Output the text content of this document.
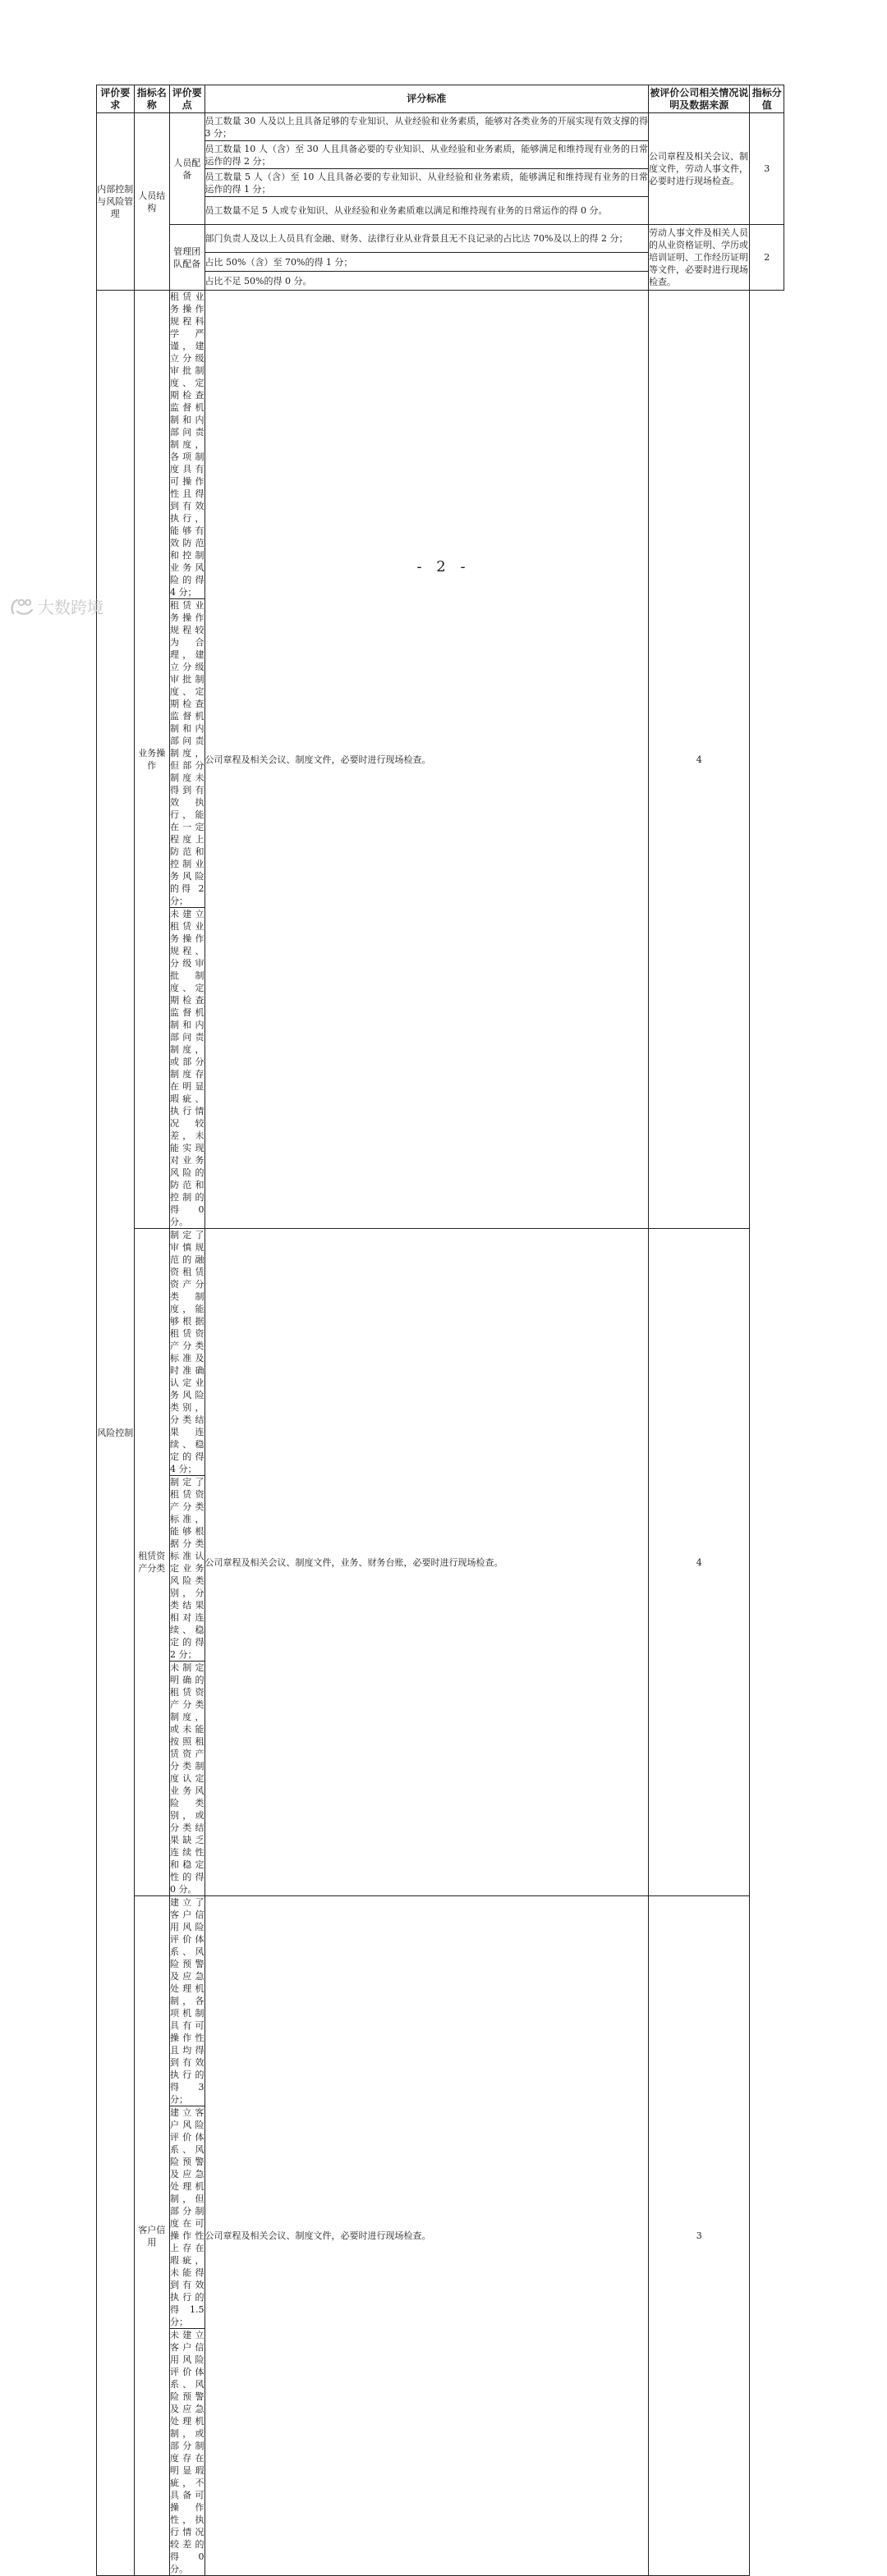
评价要求	指标名称	评价要点	评分标准	被评价公司相关情况说明及数据来源	指标分值
内部控制与风险管理	人员结构	人员配备	员工数量 30 人及以上且具备足够的专业知识、从业经验和业务素质，能够对各类业务的开展实现有效支撑的得 3 分；	公司章程及相关会议、制度文件，劳动人事文件，必要时进行现场检查。	3
			员工数量 10 人（含）至 30 人且具备必要的专业知识、从业经验和业务素质，能够满足和维持现有业务的日常运作的得 2 分；		
			员工数量 5 人（含）至 10 人且具备必要的专业知识、从业经验和业务素质，能够满足和维持现有业务的日常运作的得 1 分；		
			员工数量不足 5 人或专业知识、从业经验和业务素质难以满足和维持现有业务的日常运作的得 0 分。		
		管理团队配备	部门负责人及以上人员具有金融、财务、法律行业从业背景且无不良记录的占比达 70%及以上的得 2 分；	劳动人事文件及相关人员的从业资格证明、学历或培训证明、工作经历证明等文件，必要时进行现场检查。	2
			占比 50%（含）至 70%的得 1 分；		
			占比不足 50%的得 0 分。		
风险控制	业务操作	租赁业务操作规程科学严谨，建立分级审批制度、定期检查监督机制和内部问责制度，各项制度具有可操作性且得到有效执行，能够有效防范和控制业务风险的得 4 分；	公司章程及相关会议、制度文件，必要时进行现场检查。	4	
		租赁业务操作规程较为合理，建立分级审批制度、定期检查监督机制和内部问责制度，但部分制度未得到有效执行，能在一定程度上防范和控制业务风险的得 2 分；			
		未建立租赁业务操作规程、分级审批制度、定期检查监督机制和内部问责制度，或部分制度存在明显瑕疵、执行情况较差，未能实现对业务风险的防范和控制的得 0 分。			
	租赁资产分类	制定了审慎规范的融资租赁资产分类制度，能够根据租赁资产分类标准及时准确认定业务风险类别，分类结果连续、稳定的得 4 分；	公司章程及相关会议、制度文件，业务、财务台账，必要时进行现场检查。	4	
		制定了租赁资产分类标准，能够根据分类标准认定业务风险类别，分类结果相对连续、稳定的得 2 分；			
		未制定明确的租赁资产分类制度，或未能按照租赁资产分类制度认定业务风险类别，或分类结果缺乏连续性和稳定性的得 0 分。			
	客户信用	建立了客户信用风险评价体系、风险预警及应急处理机制，各项机制具有可操作性且均得到有效执行的得 3 分；	公司章程及相关会议、制度文件，必要时进行现场检查。	3	
		建立客户风险评价体系、风险预警及应急处理机制，但部分制度在可操作性上存在瑕疵，未能得到有效执行的得 1.5 分；			
		未建立客户信用风险评价体系、风险预警及应急处理机制，或部分制度存在明显瑕疵，不具备可操作性，执行情况较差的得 0 分。			
- 2 -
大数跨境
